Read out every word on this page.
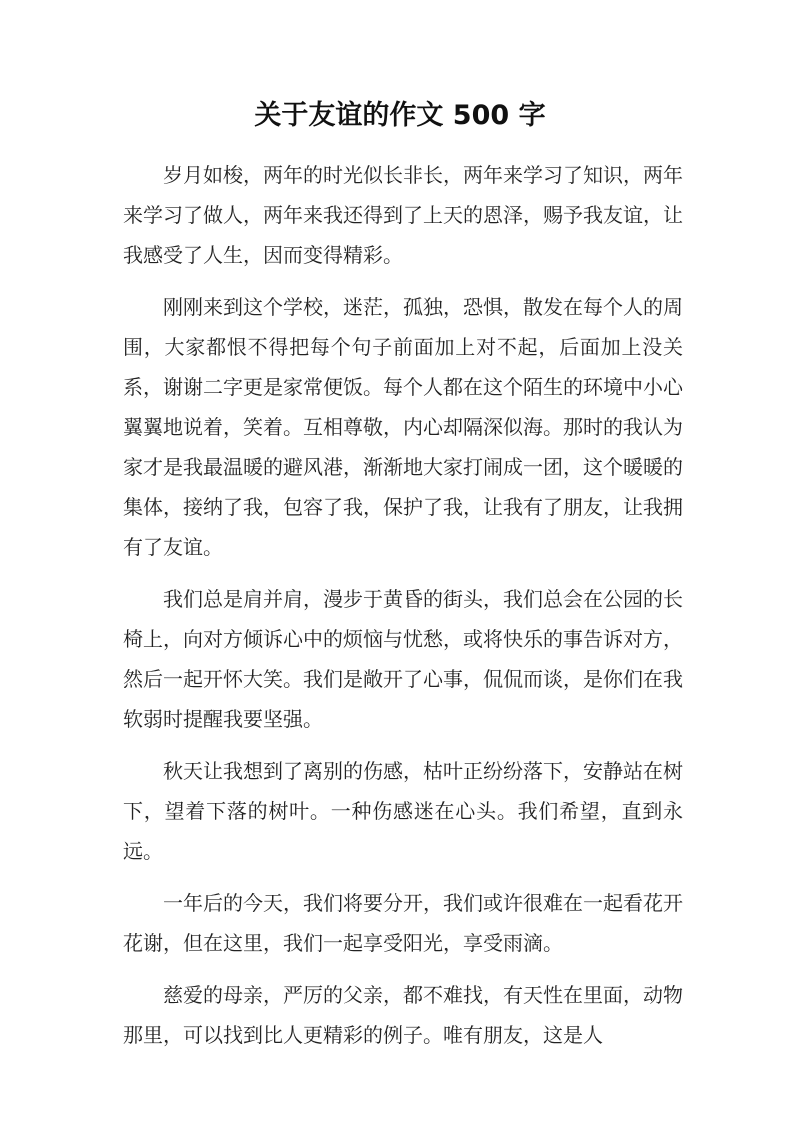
关于友谊的作文 500 字

岁月如梭，两年的时光似长非长，两年来学习了知识，两年来学习了做人，两年来我还得到了上天的恩泽，赐予我友谊，让我感受了人生，因而变得精彩。

刚刚来到这个学校，迷茫，孤独，恐惧，散发在每个人的周围，大家都恨不得把每个句子前面加上对不起，后面加上没关系，谢谢二字更是家常便饭。每个人都在这个陌生的环境中小心翼翼地说着，笑着。互相尊敬，内心却隔深似海。那时的我认为家才是我最温暖的避风港，渐渐地大家打闹成一团，这个暖暖的集体，接纳了我，包容了我，保护了我，让我有了朋友，让我拥有了友谊。

我们总是肩并肩，漫步于黄昏的街头，我们总会在公园的长椅上，向对方倾诉心中的烦恼与忧愁，或将快乐的事告诉对方，然后一起开怀大笑。我们是敞开了心事，侃侃而谈，是你们在我软弱时提醒我要坚强。

秋天让我想到了离别的伤感，枯叶正纷纷落下，安静站在树下，望着下落的树叶。一种伤感迷在心头。我们希望，直到永远。

一年后的今天，我们将要分开，我们或许很难在一起看花开花谢，但在这里，我们一起享受阳光，享受雨滴。

慈爱的母亲，严厉的父亲，都不难找，有天性在里面，动物那里，可以找到比人更精彩的例子。唯有朋友，这是人
